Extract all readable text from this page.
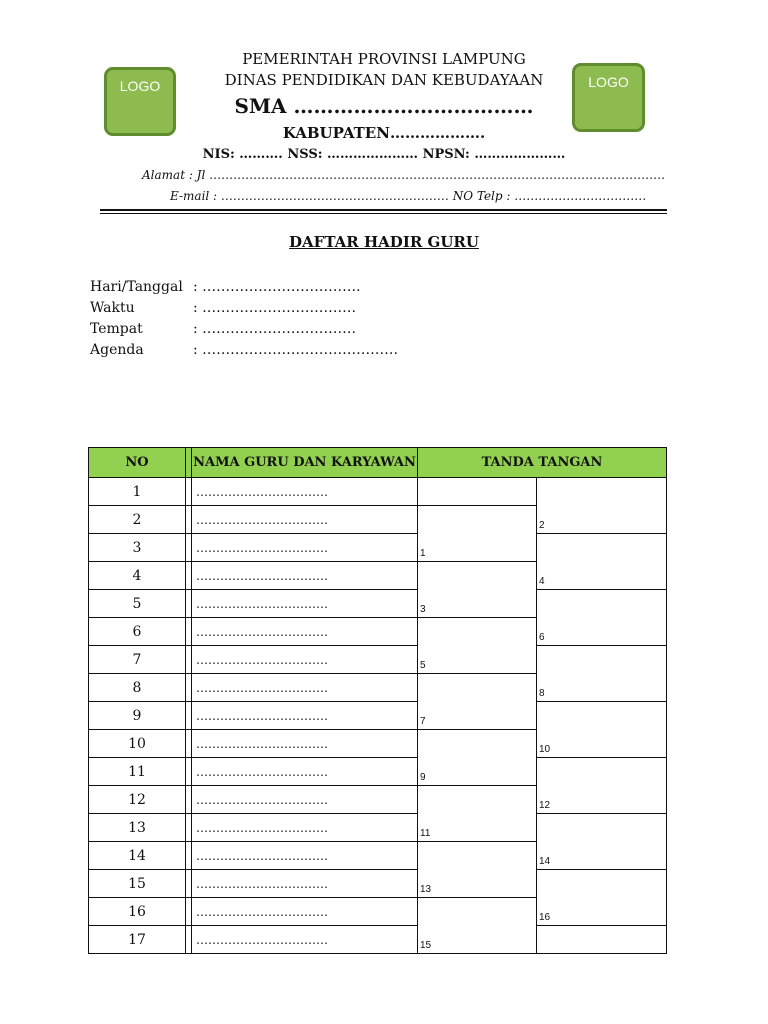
LOGO	LOGO
PEMERINTAH PROVINSI LAMPUNG
DINAS PENDIDIKAN DAN KEBUDAYAAN
SMA ………………………………
KABUPATEN……………….
NIS: ………. NSS: ………………… NPSN: …………………
Alamat : Jl ……………………………………………………………………………………………………
E-mail : ………………………………………………… NO Telp : ……………………………
DAFTAR HADIR GURU
Hari/Tanggal : …………………………….
Waktu	: ……………………………
Tempat	: ……………………………
Agenda	: ……………………………………
NO		NAMA GURU DAN KARYAWAN	TANDA TANGAN	
1		……………………………		2

2		……………………………	1	

3		……………………………		4

4		……………………………	3	

5		……………………………		6

6		……………………………	5	

7		……………………………		8

8		……………………………	7	

9		……………………………		10

10		……………………………	9	

11		……………………………		12

12		……………………………	11	

13		……………………………		14

14		……………………………	13	

15		……………………………		16

16		……………………………	15	

17		……………………………		
